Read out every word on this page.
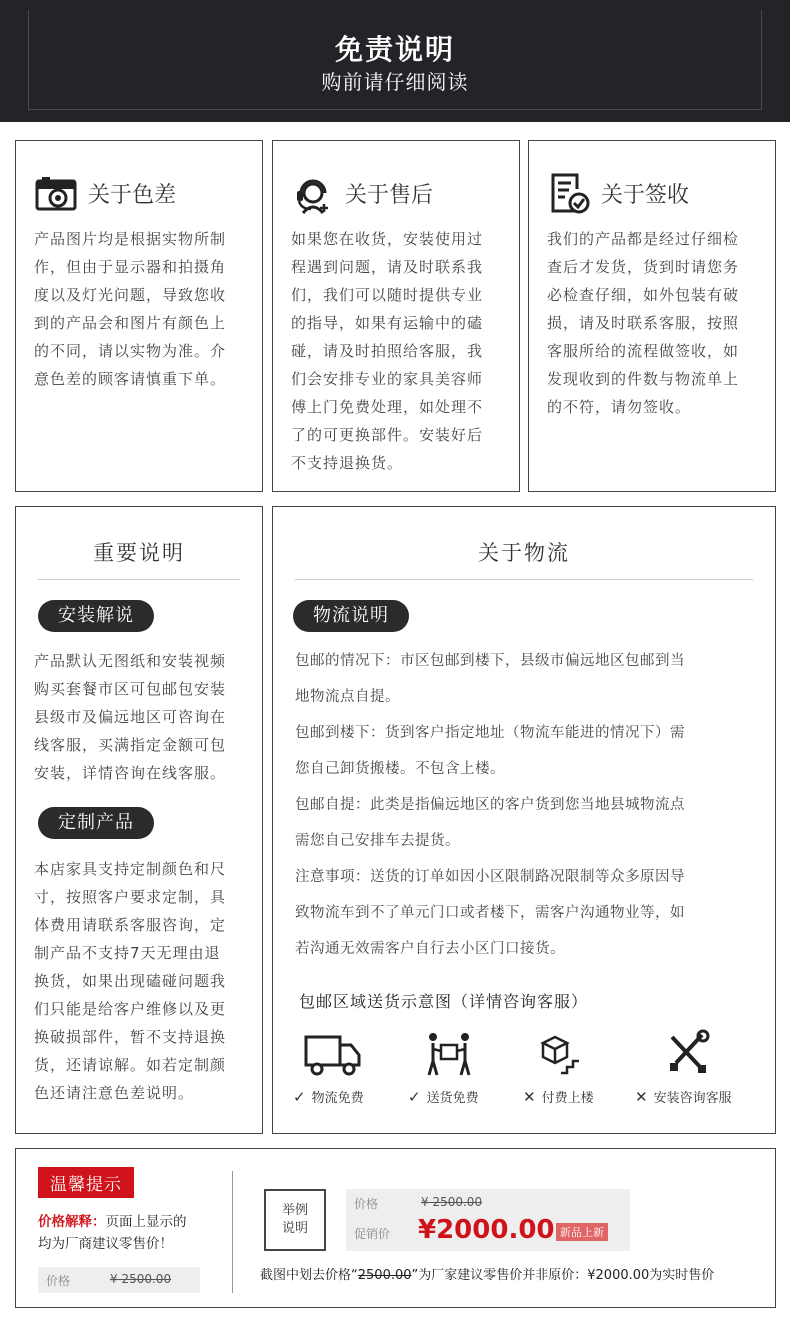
免责说明
购前请仔细阅读
关于色差
产品图片均是根据实物所制
作，但由于显示器和拍摄角
度以及灯光问题，导致您收
到的产品会和图片有颜色上
的不同，请以实物为准。介
意色差的顾客请慎重下单。
关于售后
如果您在收货，安装使用过
程遇到问题，请及时联系我
们，我们可以随时提供专业
的指导，如果有运输中的磕
碰，请及时拍照给客服，我
们会安排专业的家具美容师
傅上门免费处理，如处理不
了的可更换部件。安装好后
不支持退换货。
关于签收
我们的产品都是经过仔细检
查后才发货，货到时请您务
必检查仔细，如外包装有破
损，请及时联系客服，按照
客服所给的流程做签收，如
发现收到的件数与物流单上
的不符，请勿签收。
重要说明
安装解说
产品默认无图纸和安装视频
购买套餐市区可包邮包安装
县级市及偏远地区可咨询在
线客服，买满指定金额可包
安装，详情咨询在线客服。
定制产品
本店家具支持定制颜色和尺
寸，按照客户要求定制，具
体费用请联系客服咨询，定
制产品不支持7天无理由退
换货，如果出现磕碰问题我
们只能是给客户维修以及更
换破损部件，暂不支持退换
货，还请谅解。如若定制颜
色还请注意色差说明。
关于物流
物流说明
包邮的情况下：市区包邮到楼下，县级市偏远地区包邮到当
地物流点自提。
包邮到楼下：货到客户指定地址（物流车能进的情况下）需
您自己卸货搬楼。不包含上楼。
包邮自提：此类是指偏远地区的客户货到您当地县城物流点
需您自己安排车去提货。
注意事项：送货的订单如因小区限制路况限制等众多原因导
致物流车到不了单元门口或者楼下，需客户沟通物业等，如
若沟通无效需客户自行去小区门口接货。
包邮区域送货示意图（详情咨询客服）
✓ 物流免费	✓ 送货免费	✕ 付费上楼	✕ 安装咨询客服
温馨提示
价格解释：页面上显示的
均为厂商建议零售价！
价格	¥ 2500.00
举例
说明
价格	¥ 2500.00
促销价 ¥2000.00 新品上新
截图中划去价格“2500.00”为厂家建议零售价并非原价：¥2000.00为实时售价
